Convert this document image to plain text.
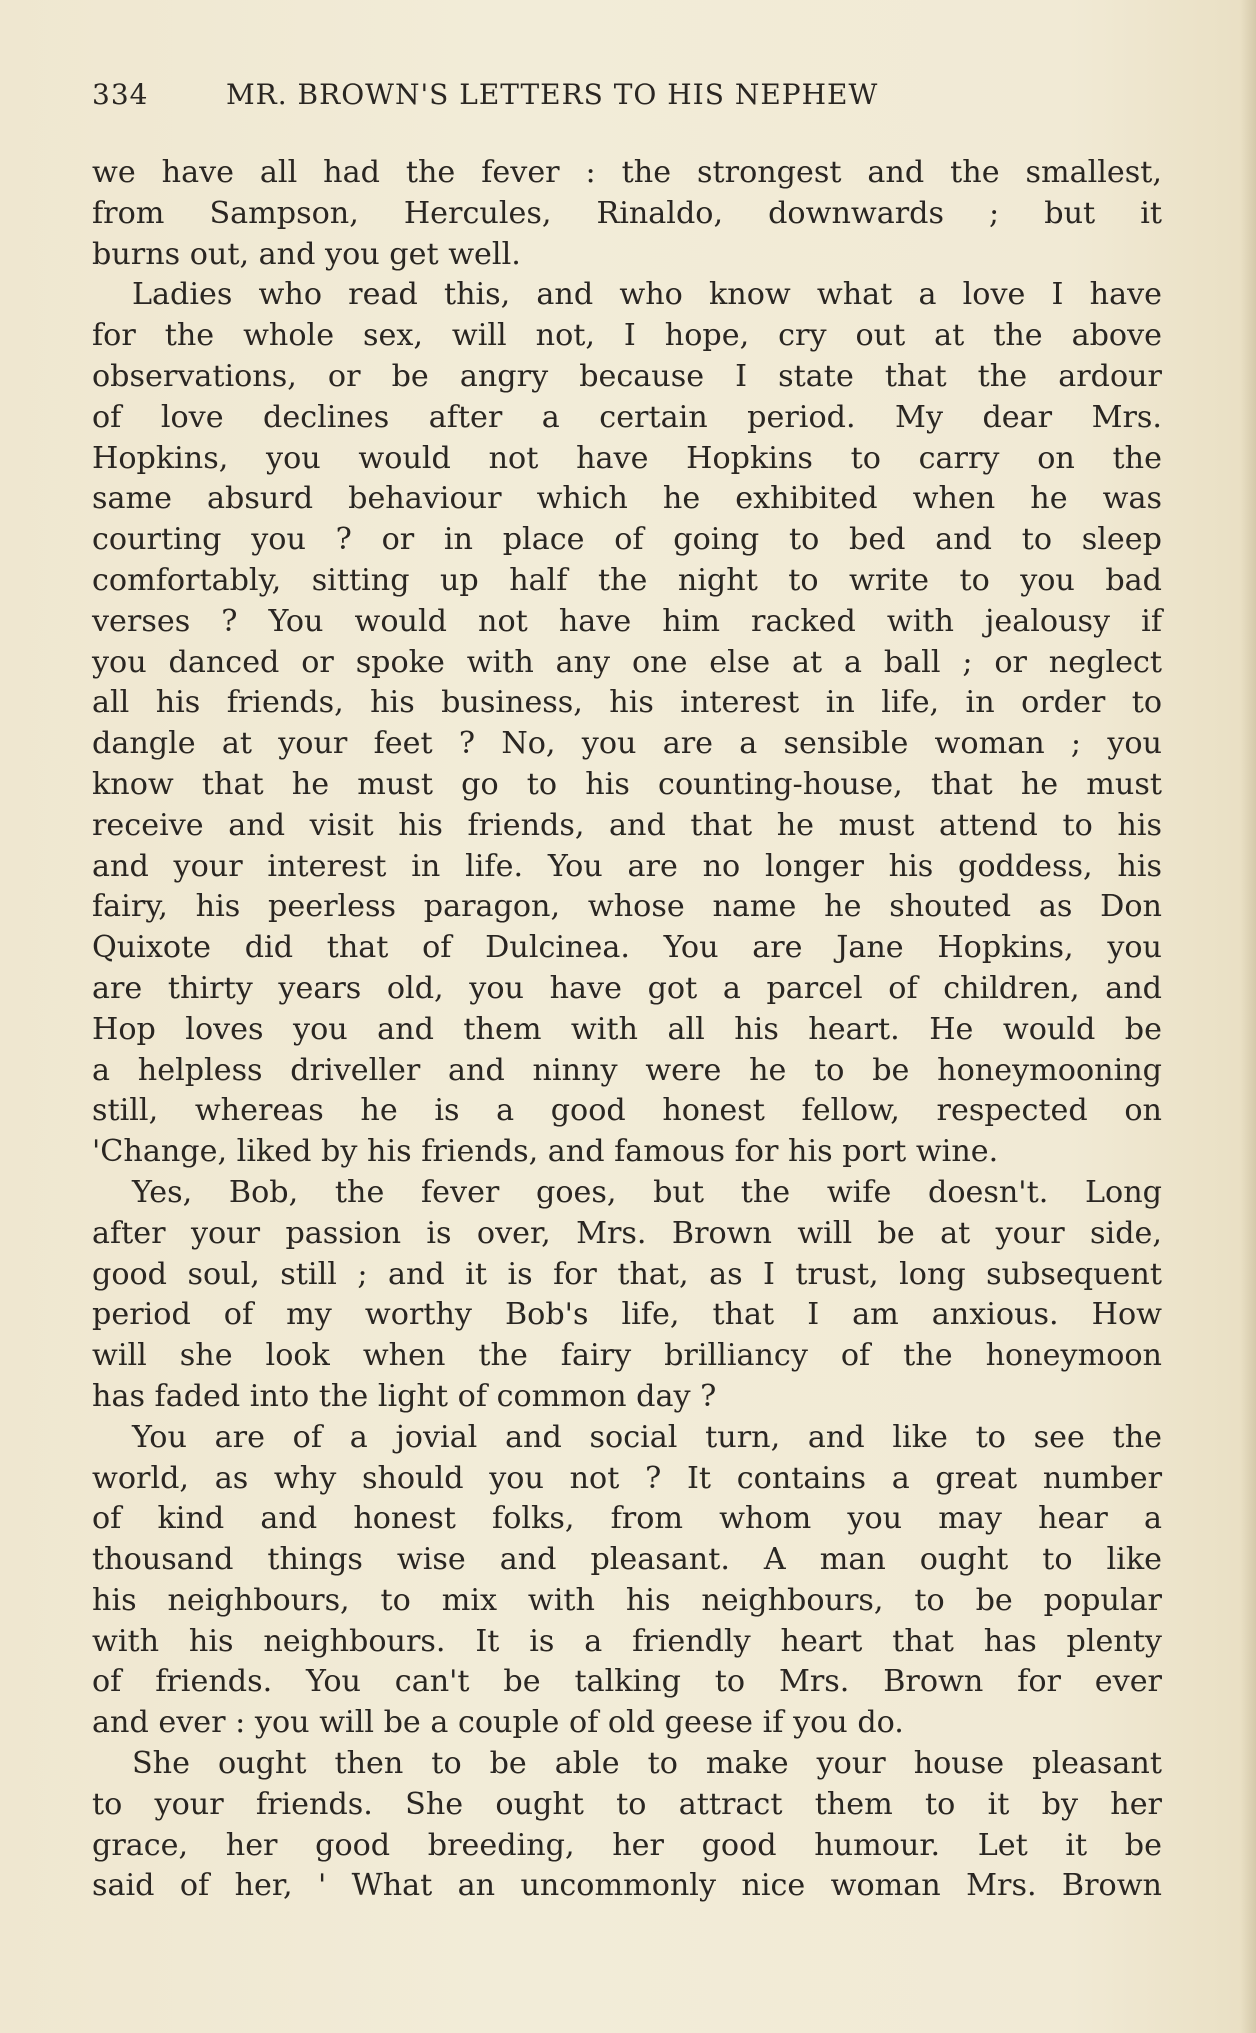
334	MR. BROWN'S LETTERS TO HIS NEPHEW
we have all had the fever : the strongest and the smallest,
from Sampson, Hercules, Rinaldo, downwards ; but it
burns out, and you get well.
Ladies who read this, and who know what a love I have
for the whole sex, will not, I hope, cry out at the above
observations, or be angry because I state that the ardour
of love declines after a certain period. My dear Mrs.
Hopkins, you would not have Hopkins to carry on the
same absurd behaviour which he exhibited when he was
courting you ? or in place of going to bed and to sleep
comfortably, sitting up half the night to write to you bad
verses ? You would not have him racked with jealousy if
you danced or spoke with any one else at a ball ; or neglect
all his friends, his business, his interest in life, in order to
dangle at your feet ? No, you are a sensible woman ; you
know that he must go to his counting-house, that he must
receive and visit his friends, and that he must attend to his
and your interest in life. You are no longer his goddess, his
fairy, his peerless paragon, whose name he shouted as Don
Quixote did that of Dulcinea. You are Jane Hopkins, you
are thirty years old, you have got a parcel of children, and
Hop loves you and them with all his heart. He would be
a helpless driveller and ninny were he to be honeymooning
still, whereas he is a good honest fellow, respected on
'Change, liked by his friends, and famous for his port wine.
Yes, Bob, the fever goes, but the wife doesn't. Long
after your passion is over, Mrs. Brown will be at your side,
good soul, still ; and it is for that, as I trust, long subsequent
period of my worthy Bob's life, that I am anxious. How
will she look when the fairy brilliancy of the honeymoon
has faded into the light of common day ?
You are of a jovial and social turn, and like to see the
world, as why should you not ? It contains a great number
of kind and honest folks, from whom you may hear a
thousand things wise and pleasant. A man ought to like
his neighbours, to mix with his neighbours, to be popular
with his neighbours. It is a friendly heart that has plenty
of friends. You can't be talking to Mrs. Brown for ever
and ever : you will be a couple of old geese if you do.
She ought then to be able to make your house pleasant
to your friends. She ought to attract them to it by her
grace, her good breeding, her good humour. Let it be
said of her, ' What an uncommonly nice woman Mrs. Brown
